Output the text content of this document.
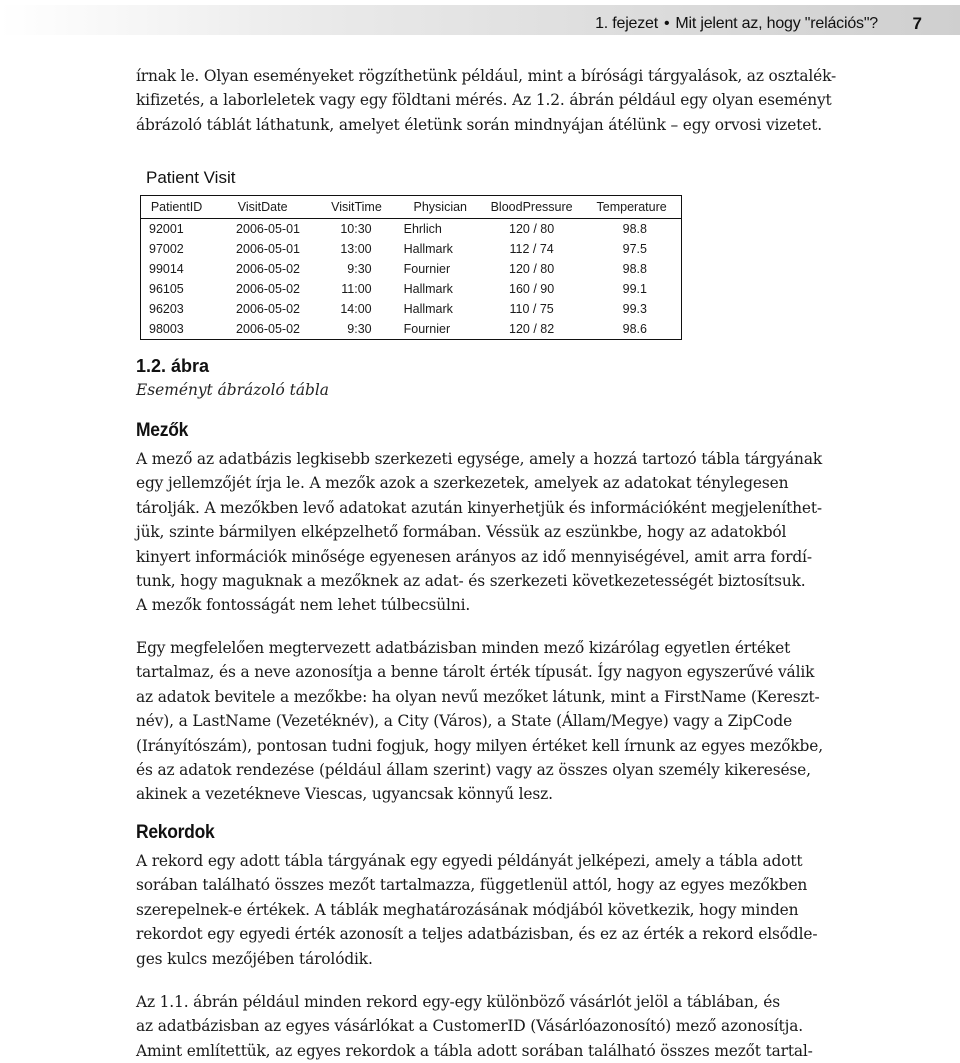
1. fejezet • Mit jelent az, hogy "relációs"? 7
írnak le. Olyan eseményeket rögzíthetünk például, mint a bírósági tárgyalások, az osztalék-
kifizetés, a laborleletek vagy egy földtani mérés. Az 1.2. ábrán például egy olyan eseményt
ábrázoló táblát láthatunk, amelyet életünk során mindnyájan átélünk – egy orvosi vizetet.
Patient Visit
PatientID	VisitDate	VisitTime	Physician	BloodPressure	Temperature
92001	2006-05-01	10:30	Ehrlich	120 / 80	98.8
97002	2006-05-01	13:00	Hallmark	112 / 74	97.5
99014	2006-05-02	9:30	Fournier	120 / 80	98.8
96105	2006-05-02	11:00	Hallmark	160 / 90	99.1
96203	2006-05-02	14:00	Hallmark	110 / 75	99.3
98003	2006-05-02	9:30	Fournier	120 / 82	98.6
1.2. ábra
Eseményt ábrázoló tábla
Mezők
A mező az adatbázis legkisebb szerkezeti egysége, amely a hozzá tartozó tábla tárgyának
egy jellemzőjét írja le. A mezők azok a szerkezetek, amelyek az adatokat ténylegesen
tárolják. A mezőkben levő adatokat azután kinyerhetjük és információként megjeleníthet-
jük, szinte bármilyen elképzelhető formában. Véssük az eszünkbe, hogy az adatokból
kinyert információk minősége egyenesen arányos az idő mennyiségével, amit arra fordí-
tunk, hogy maguknak a mezőknek az adat- és szerkezeti következetességét biztosítsuk.
A mezők fontosságát nem lehet túlbecsülni.
Egy megfelelően megtervezett adatbázisban minden mező kizárólag egyetlen értéket
tartalmaz, és a neve azonosítja a benne tárolt érték típusát. Így nagyon egyszerűvé válik
az adatok bevitele a mezőkbe: ha olyan nevű mezőket látunk, mint a FirstName (Kereszt-
név), a LastName (Vezetéknév), a City (Város), a State (Állam/Megye) vagy a ZipCode
(Irányítószám), pontosan tudni fogjuk, hogy milyen értéket kell írnunk az egyes mezőkbe,
és az adatok rendezése (például állam szerint) vagy az összes olyan személy kikeresése,
akinek a vezetékneve Viescas, ugyancsak könnyű lesz.
Rekordok
A rekord egy adott tábla tárgyának egy egyedi példányát jelképezi, amely a tábla adott
sorában található összes mezőt tartalmazza, függetlenül attól, hogy az egyes mezőkben
szerepelnek-e értékek. A táblák meghatározásának módjából következik, hogy minden
rekordot egy egyedi érték azonosít a teljes adatbázisban, és ez az érték a rekord elsődle-
ges kulcs mezőjében tárolódik.
Az 1.1. ábrán például minden rekord egy-egy különböző vásárlót jelöl a táblában, és
az adatbázisban az egyes vásárlókat a CustomerID (Vásárlóazonosító) mező azonosítja.
Amint említettük, az egyes rekordok a tábla adott sorában található összes mezőt tartal-
